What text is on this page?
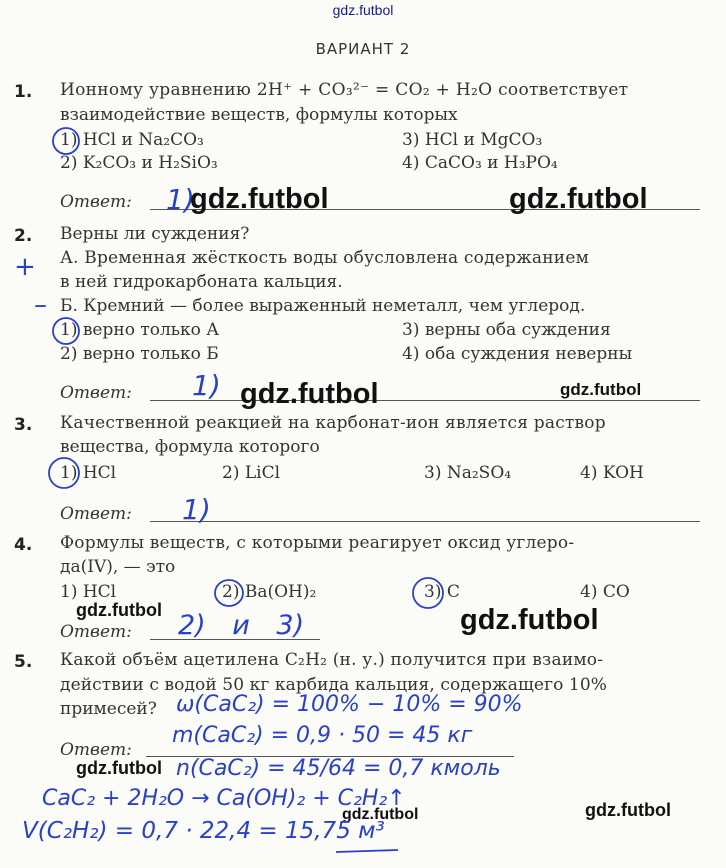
gdz.futbol
ВАРИАНТ 2
1. Ионному уравнению 2H⁺ + CO₃²⁻ = CO₂ + H₂O соответствует
взаимодействие веществ, формулы которых
1) HCl и Na₂CO₃	3) HCl и MgCO₃
2) K₂CO₃ и H₂SiO₃	4) CaCO₃ и H₃PO₄
Ответ: 1)
gdz.futbol	gdz.futbol
2. Верны ли суждения?
А. Временная жёсткость воды обусловлена содержанием
в ней гидрокарбоната кальция.
Б. Кремний — более выраженный неметалл, чем углерод.
1) верно только А	3) верны оба суждения
2) верно только Б	4) оба суждения неверны
+
–
Ответ: 1) gdz.futbol	gdz.futbol
3. Качественной реакцией на карбонат-ион является раствор
вещества, формула которого
1) HCl	2) LiCl	3) Na₂SO₄	4) KOH
Ответ: 1)
4. Формулы веществ, с которыми реагирует оксид углеро-
да(IV), — это
1) HCl	2) Ba(OH)₂	3) C	4) CO
gdz.futbol
Ответ: 2) и 3)	gdz.futbol
5. Какой объём ацетилена C₂H₂ (н. у.) получится при взаимо-
действии с водой 50 кг карбида кальция, содержащего 10%
примесей? ω(CaC₂) = 100% − 10% = 90%
Ответ:
m(CaC₂) = 0,9 · 50 = 45 кг
gdz.futbol n(CaC₂) = 45/64 = 0,7 кмоль
CaC₂ + 2H₂O → Ca(OH)₂ + C₂H₂↑	gdz.futbol
gdz.futbol
V(C₂H₂) = 0,7 · 22,4 = 15,75 м³
